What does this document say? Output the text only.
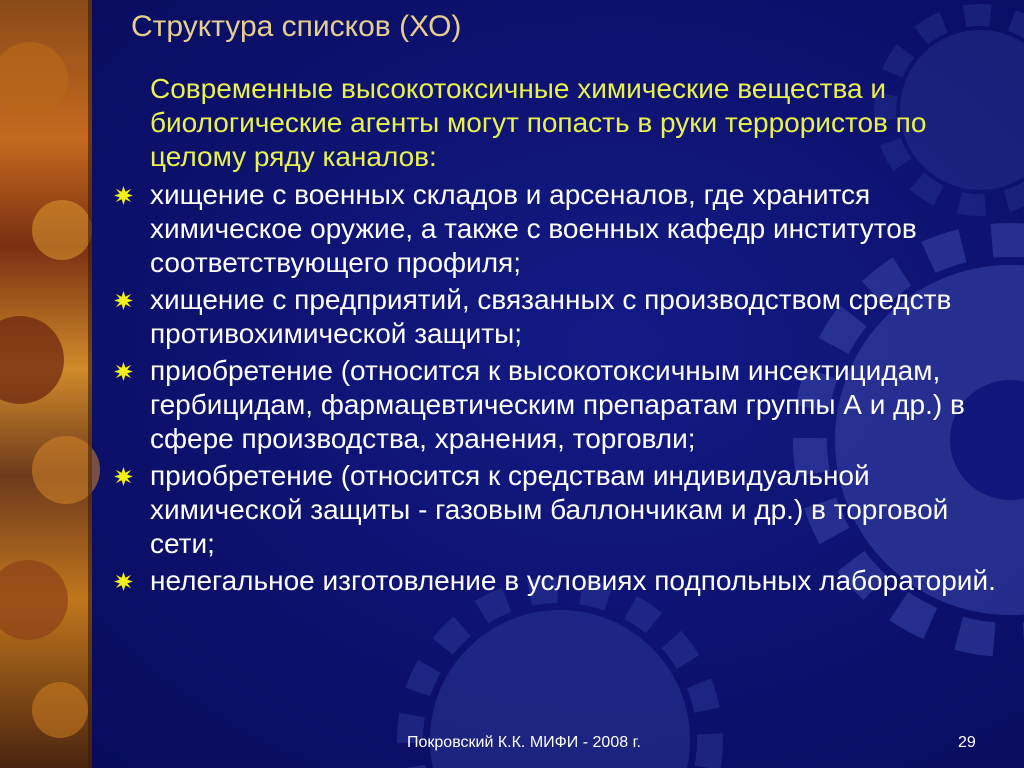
Структура списков (ХО)

Современные высокотоксичные химические вещества и биологические агенты могут попасть в руки террористов по целому ряду каналов:

хищение с военных складов и арсеналов, где хранится химическое оружие, а также с военных кафедр институтов соответствующего профиля;
хищение с предприятий, связанных с производством средств противохимической защиты;
приобретение (относится к высокотоксичным инсектицидам, гербицидам, фармацевтическим препаратам группы А и др.) в сфере производства, хранения, торговли;
приобретение (относится к средствам индивидуальной химической защиты - газовым баллончикам и др.) в торговой сети;
нелегальное изготовление в условиях подпольных лабораторий.
Покровский К.К. МИФИ - 2008 г.	29
